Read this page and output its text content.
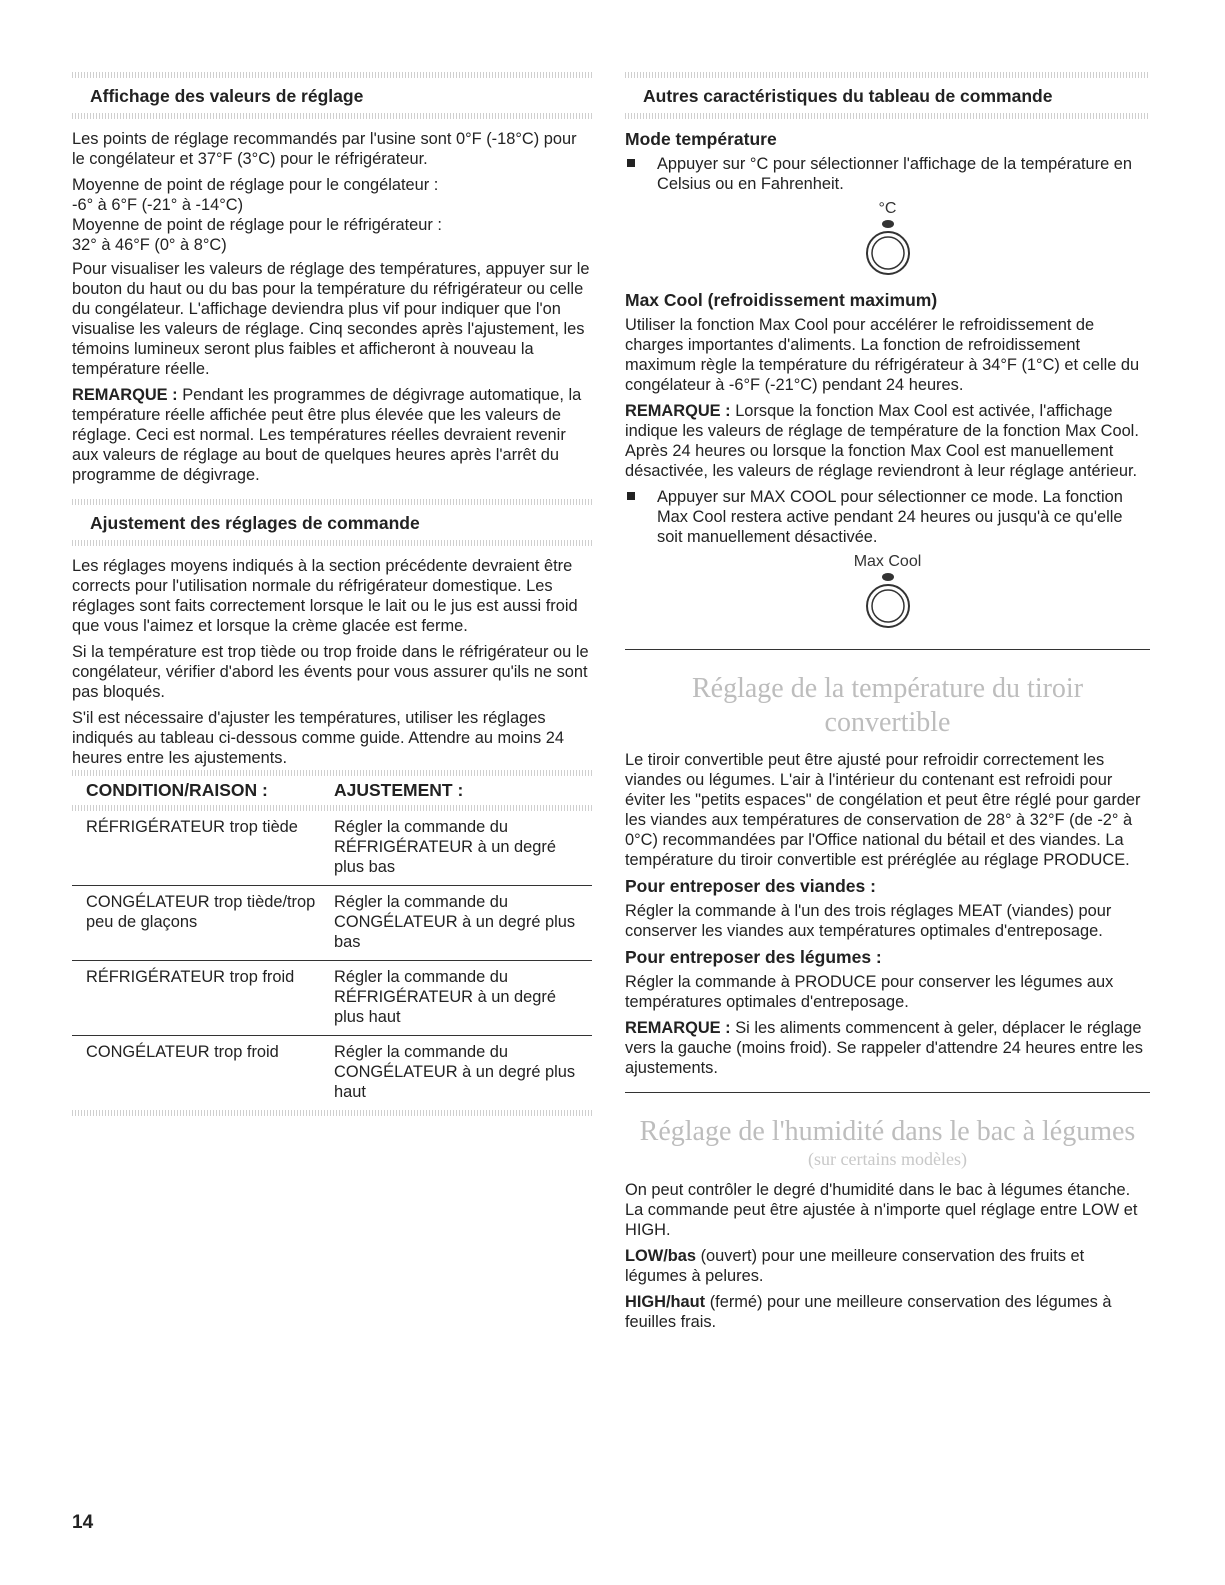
Affichage des valeurs de réglage

Les points de réglage recommandés par l'usine sont 0°F (-18°C) pour le congélateur et 37°F (3°C) pour le réfrigérateur.

Moyenne de point de réglage pour le congélateur :
-6° à 6°F (-21° à -14°C)
Moyenne de point de réglage pour le réfrigérateur :
32° à 46°F (0° à 8°C)

Pour visualiser les valeurs de réglage des températures, appuyer sur le bouton du haut ou du bas pour la température du réfrigérateur ou celle du congélateur. L'affichage deviendra plus vif pour indiquer que l'on visualise les valeurs de réglage. Cinq secondes après l'ajustement, les témoins lumineux seront plus faibles et afficheront à nouveau la température réelle.

REMARQUE : Pendant les programmes de dégivrage automatique, la température réelle affichée peut être plus élevée que les valeurs de réglage. Ceci est normal. Les températures réelles devraient revenir aux valeurs de réglage au bout de quelques heures après l'arrêt du programme de dégivrage.

Ajustement des réglages de commande

Les réglages moyens indiqués à la section précédente devraient être corrects pour l'utilisation normale du réfrigérateur domestique. Les réglages sont faits correctement lorsque le lait ou le jus est aussi froid que vous l'aimez et lorsque la crème glacée est ferme.

Si la température est trop tiède ou trop froide dans le réfrigérateur ou le congélateur, vérifier d'abord les évents pour vous assurer qu'ils ne sont pas bloqués.

S'il est nécessaire d'ajuster les températures, utiliser les réglages indiqués au tableau ci-dessous comme guide. Attendre au moins 24 heures entre les ajustements.

CONDITION/RAISON :	AJUSTEMENT :

RÉFRIGÉRATEUR trop tiède	Régler la commande du RÉFRIGÉRATEUR à un degré plus bas
CONGÉLATEUR trop tiède/trop peu de glaçons	Régler la commande du CONGÉLATEUR à un degré plus bas
RÉFRIGÉRATEUR trop froid	Régler la commande du RÉFRIGÉRATEUR à un degré plus haut
CONGÉLATEUR trop froid	Régler la commande du CONGÉLATEUR à un degré plus haut
Autres caractéristiques du tableau de commande
Mode température

Appuyer sur °C pour sélectionner l'affichage de la température en Celsius ou en Fahrenheit.

°C
Max Cool (refroidissement maximum)

Utiliser la fonction Max Cool pour accélérer le refroidissement de charges importantes d'aliments. La fonction de refroidissement maximum règle la température du réfrigérateur à 34°F (1°C) et celle du congélateur à -6°F (-21°C) pendant 24 heures.

REMARQUE : Lorsque la fonction Max Cool est activée, l'affichage indique les valeurs de réglage de température de la fonction Max Cool. Après 24 heures ou lorsque la fonction Max Cool est manuellement désactivée, les valeurs de réglage reviendront à leur réglage antérieur.

Appuyer sur MAX COOL pour sélectionner ce mode. La fonction Max Cool restera active pendant 24 heures ou jusqu'à ce qu'elle soit manuellement désactivée.

Max Cool
Réglage de la température du tiroir
convertible

Le tiroir convertible peut être ajusté pour refroidir correctement les viandes ou légumes. L'air à l'intérieur du contenant est refroidi pour éviter les "petits espaces" de congélation et peut être réglé pour garder les viandes aux températures de conservation de 28° à 32°F (de -2° à 0°C) recommandées par l'Office national du bétail et des viandes. La température du tiroir convertible est préréglée au réglage PRODUCE.

Pour entreposer des viandes :

Régler la commande à l'un des trois réglages MEAT (viandes) pour conserver les viandes aux températures optimales d'entreposage.

Pour entreposer des légumes :

Régler la commande à PRODUCE pour conserver les légumes aux températures optimales d'entreposage.

REMARQUE : Si les aliments commencent à geler, déplacer le réglage vers la gauche (moins froid). Se rappeler d'attendre 24 heures entre les ajustements.

Réglage de l'humidité dans le bac à légumes
(sur certains modèles)

On peut contrôler le degré d'humidité dans le bac à légumes étanche. La commande peut être ajustée à n'importe quel réglage entre LOW et HIGH.

LOW/bas (ouvert) pour une meilleure conservation des fruits et légumes à pelures.

HIGH/haut (fermé) pour une meilleure conservation des légumes à feuilles frais.

14
